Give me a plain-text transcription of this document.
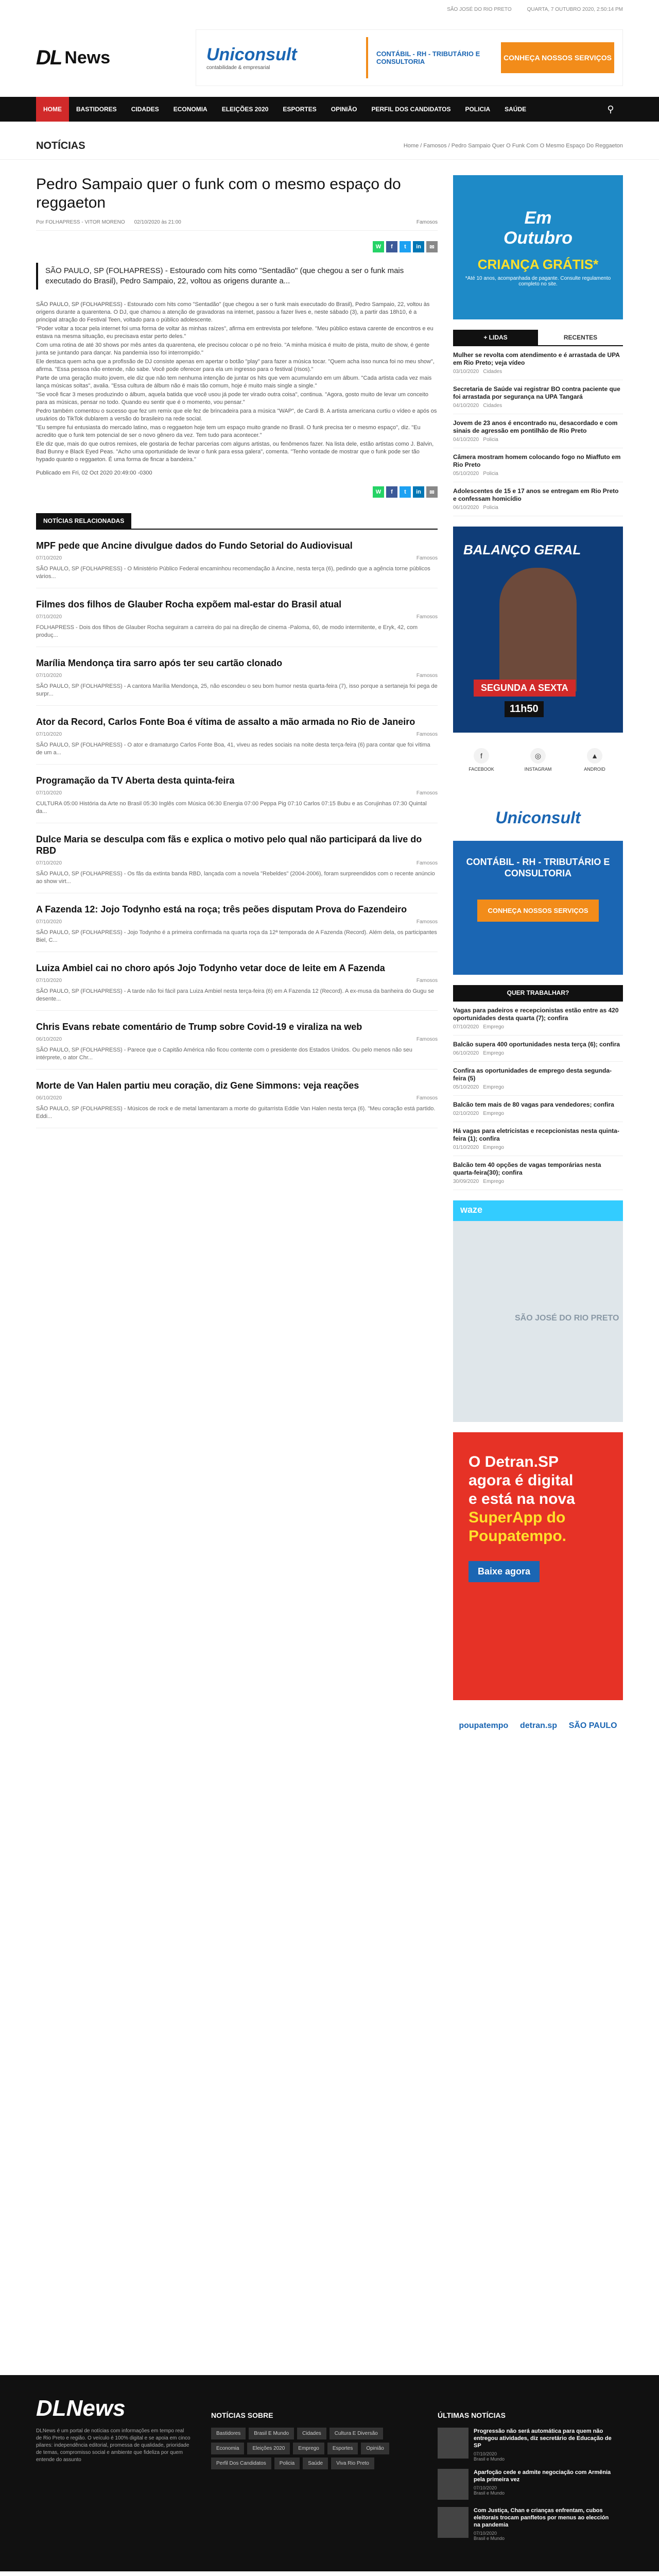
SÃO JOSÉ DO RIO PRETO	QUARTA, 7 OUTUBRO 2020, 2:50:14 PM
DL News	Uniconsult
contabilidade & empresarial
CONTÁBIL - RH - TRIBUTÁRIO E CONSULTORIA	CONHEÇA NOSSOS SERVIÇOS
HOME	BASTIDORES	CIDADES	ECONOMIA	ELEIÇÕES 2020	ESPORTES	OPINIÃO	PERFIL DOS CANDIDATOS	POLICIA	SAÚDE	⚲
NOTÍCIAS	Home / Famosos / Pedro Sampaio Quer O Funk Com O Mesmo Espaço Do Reggaeton
Pedro Sampaio quer o funk com o mesmo espaço do reggaeton
Por FOLHAPRESS - VITOR MORENO 02/10/2020 às 21:00	Famosos
W	f	t	in	✉
SÃO PAULO, SP (FOLHAPRESS) - Estourado com hits como "Sentadão" (que chegou a ser o funk mais executado do Brasil), Pedro Sampaio, 22, voltou as origens durante a...

SÃO PAULO, SP (FOLHAPRESS) - Estourado com hits como "Sentadão" (que chegou a ser o funk mais executado do Brasil), Pedro Sampaio, 22, voltou às origens durante a quarentena. O DJ, que chamou a atenção de gravadoras na internet, passou a fazer lives e, neste sábado (3), a partir das 18h10, é a principal atração do Festival Teen, voltado para o público adolescente.

"Poder voltar a tocar pela internet foi uma forma de voltar às minhas raízes", afirma em entrevista por telefone. "Meu público estava carente de encontros e eu estava na mesma situação, eu precisava estar perto deles."

Com uma rotina de até 30 shows por mês antes da quarentena, ele precisou colocar o pé no freio. "A minha música é muito de pista, muito de show, é gente junta se juntando para dançar. Na pandemia isso foi interrompido."

Ele destaca quem acha que a profissão de DJ consiste apenas em apertar o botão "play" para fazer a música tocar. "Quem acha isso nunca foi no meu show", afirma. "Essa pessoa não entende, não sabe. Você pode oferecer para ela um ingresso para o festival (risos)."

Parte de uma geração muito jovem, ele diz que não tem nenhuma intenção de juntar os hits que vem acumulando em um álbum. "Cada artista cada vez mais lança músicas soltas", avalia. "Essa cultura de álbum não é mais tão comum, hoje é muito mais single a single."

"Se você ficar 3 meses produzindo o álbum, aquela batida que você usou já pode ter virado outra coisa", continua. "Agora, gosto muito de levar um conceito para as músicas, pensar no todo. Quando eu sentir que é o momento, vou pensar."

Pedro também comentou o sucesso que fez um remix que ele fez de brincadeira para a música "WAP", de Cardi B. A artista americana curtiu o vídeo e após os usuários do TikTok dublarem a versão do brasileiro na rede social.

"Eu sempre fui entusiasta do mercado latino, mas o reggaeton hoje tem um espaço muito grande no Brasil. O funk precisa ter o mesmo espaço", diz. "Eu acredito que o funk tem potencial de ser o novo gênero da vez. Tem tudo para acontecer."

Ele diz que, mais do que outros remixes, ele gostaria de fechar parcerias com alguns artistas, ou fenômenos fazer. Na lista dele, estão artistas como J. Balvin, Bad Bunny e Black Eyed Peas. "Acho uma oportunidade de levar o funk para essa galera", comenta. "Tenho vontade de mostrar que o funk pode ser tão hypado quanto o reggaeton. É uma forma de fincar a bandeira."

Publicado em Fri, 02 Oct 2020 20:49:00 -0300
W	f	t	in	✉
NOTÍCIAS RELACIONADAS
MPF pede que Ancine divulgue dados do Fundo Setorial do Audiovisual
07/10/2020	Famosos

SÃO PAULO, SP (FOLHAPRESS) - O Ministério Público Federal encaminhou recomendação à Ancine, nesta terça (6), pedindo que a agência torne públicos vários...

Filmes dos filhos de Glauber Rocha expõem mal-estar do Brasil atual
07/10/2020	Famosos

FOLHAPRESS - Dois dos filhos de Glauber Rocha seguiram a carreira do pai na direção de cinema -Paloma, 60, de modo intermitente, e Eryk, 42, com produç...

Marília Mendonça tira sarro após ter seu cartão clonado
07/10/2020	Famosos

SÃO PAULO, SP (FOLHAPRESS) - A cantora Marília Mendonça, 25, não escondeu o seu bom humor nesta quarta-feira (7), isso porque a sertaneja foi pega de surpr...

Ator da Record, Carlos Fonte Boa é vítima de assalto a mão armada no Rio de Janeiro
07/10/2020	Famosos

SÃO PAULO, SP (FOLHAPRESS) - O ator e dramaturgo Carlos Fonte Boa, 41, viveu as redes sociais na noite desta terça-feira (6) para contar que foi vítima de um a...

Programação da TV Aberta desta quinta-feira
07/10/2020	Famosos

CULTURA 05:00 História da Arte no Brasil 05:30 Inglês com Música 06:30 Energia 07:00 Peppa Pig 07:10 Carlos 07:15 Bubu e as Corujinhas 07:30 Quintal da...

Dulce Maria se desculpa com fãs e explica o motivo pelo qual não participará da live do RBD
07/10/2020	Famosos

SÃO PAULO, SP (FOLHAPRESS) - Os fãs da extinta banda RBD, lançada com a novela "Rebeldes" (2004-2006), foram surpreendidos com o recente anúncio ao show virt...

A Fazenda 12: Jojo Todynho está na roça; três peões disputam Prova do Fazendeiro
07/10/2020	Famosos

SÃO PAULO, SP (FOLHAPRESS) - Jojo Todynho é a primeira confirmada na quarta roça da 12ª temporada de A Fazenda (Record). Além dela, os participantes Biel, C...

Luiza Ambiel cai no choro após Jojo Todynho vetar doce de leite em A Fazenda
07/10/2020	Famosos

SÃO PAULO, SP (FOLHAPRESS) - A tarde não foi fácil para Luiza Ambiel nesta terça-feira (6) em A Fazenda 12 (Record). A ex-musa da banheira do Gugu se desente...

Chris Evans rebate comentário de Trump sobre Covid-19 e viraliza na web
06/10/2020	Famosos

SÃO PAULO, SP (FOLHAPRESS) - Parece que o Capitão América não ficou contente com o presidente dos Estados Unidos. Ou pelo menos não seu intérprete, o ator Chr...

Morte de Van Halen partiu meu coração, diz Gene Simmons: veja reações
06/10/2020	Famosos

SÃO PAULO, SP (FOLHAPRESS) - Músicos de rock e de metal lamentaram a morte do guitarrista Eddie Van Halen nesta terça (6). "Meu coração está partido. Eddi...

Em
Outubro
CRIANÇA GRÁTIS*
*Até 10 anos, acompanhada de pagante. Consulte regulamento completo no site.
+ LIDAS	RECENTES
Mulher se revolta com atendimento e é arrastada de UPA em Rio Preto; veja vídeo
03/10/2020 Cidades
Secretaria de Saúde vai registrar BO contra paciente que foi arrastada por segurança na UPA Tangará
04/10/2020 Cidades
Jovem de 23 anos é encontrado nu, desacordado e com sinais de agressão em pontilhão de Rio Preto
04/10/2020 Policia
Câmera mostram homem colocando fogo no Miaffuto em Rio Preto
05/10/2020 Policia
Adolescentes de 15 e 17 anos se entregam em Rio Preto e confessam homicídio
06/10/2020 Policia
BALANÇO GERAL
SEGUNDA A SEXTA
11h50
f
FACEBOOK
◎
INSTAGRAM
▲
ANDROID
Uniconsult
CONTÁBIL - RH - TRIBUTÁRIO E CONSULTORIA
CONHEÇA NOSSOS SERVIÇOS
QUER TRABALHAR?
Vagas para padeiros e recepcionistas estão entre as 420 oportunidades desta quarta (7); confira
07/10/2020 Emprego
Balcão supera 400 oportunidades nesta terça (6); confira
06/10/2020 Emprego
Confira as oportunidades de emprego desta segunda-feira (5)
05/10/2020 Emprego
Balcão tem mais de 80 vagas para vendedores; confira
02/10/2020 Emprego
Há vagas para eletricistas e recepcionistas nesta quinta-feira (1); confira
01/10/2020 Emprego
Balcão tem 40 opções de vagas temporárias nesta quarta-feira(30); confira
30/09/2020 Emprego
waze
SÃO JOSÉ DO RIO PRETO
O Detran.SP
agora é digital
e está na nova
SuperApp do
Poupatempo.
Baixe agora
poupatempo detran.sp SÃO PAULO
DLNews

DLNews é um portal de notícias com informações em tempo real de Rio Preto e região. O veículo é 100% digital e se apoia em cinco pilares: independência editorial, promessa de qualidade, prioridade de temas, compromisso social e ambiente que fideliza por quem entende do assunto

NOTÍCIAS SOBRE
Bastidores	Brasil E Mundo	Cidades	Cultura E Diversão
Economia	Eleições 2020	Emprego	Esportes	Opinião
Perfil Dos Candidatos	Policia	Saúde	Viva Rio Preto
ÚLTIMAS NOTÍCIAS
Progressão não será automática para quem não entregou atividades, diz secretário de Educação de SP
07/10/2020
Brasil e Mundo
Aparfoção cede e admite negociação com Armênia pela primeira vez
07/10/2020
Brasil e Mundo
Com Justiça, Chan e crianças enfrentam, cubos eleitorais trocam panfletos por menus ao elección na pandemia
07/10/2020
Brasil e Mundo
